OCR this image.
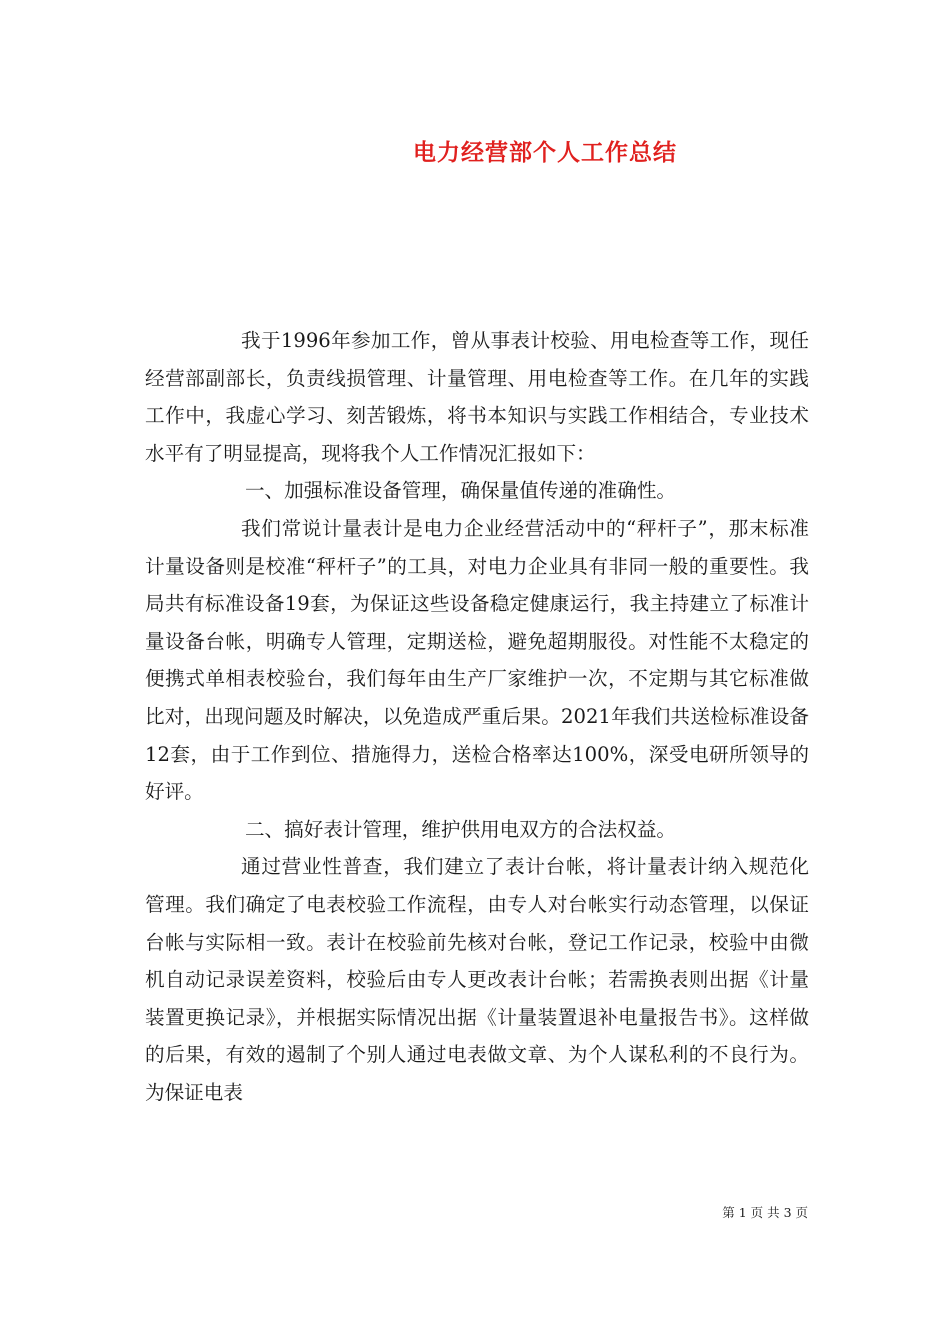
电力经营部个人工作总结

我于1996年参加工作，曾从事表计校验、用电检查等工作，现任经营部副部长，负责线损管理、计量管理、用电检查等工作。在几年的实践工作中，我虚心学习、刻苦锻炼，将书本知识与实践工作相结合，专业技术水平有了明显提高，现将我个人工作情况汇报如下：

一、加强标准设备管理，确保量值传递的准确性。

我们常说计量表计是电力企业经营活动中的“秤杆子”，那末标准计量设备则是校准“秤杆子”的工具，对电力企业具有非同一般的重要性。我局共有标准设备19套，为保证这些设备稳定健康运行，我主持建立了标准计量设备台帐，明确专人管理，定期送检，避免超期服役。对性能不太稳定的便携式单相表校验台，我们每年由生产厂家维护一次，不定期与其它标准做比对，出现问题及时解决，以免造成严重后果。2021年我们共送检标准设备12套，由于工作到位、措施得力，送检合格率达100%，深受电研所领导的好评。

二、搞好表计管理，维护供用电双方的合法权益。

通过营业性普查，我们建立了表计台帐，将计量表计纳入规范化管理。我们确定了电表校验工作流程，由专人对台帐实行动态管理，以保证台帐与实际相一致。表计在校验前先核对台帐，登记工作记录，校验中由微机自动记录误差资料，校验后由专人更改表计台帐；若需换表则出据《计量装置更换记录》，并根据实际情况出据《计量装置退补电量报告书》。这样做的后果，有效的遏制了个别人通过电表做文章、为个人谋私利的不良行为。为保证电表

第 1 页 共 3 页
